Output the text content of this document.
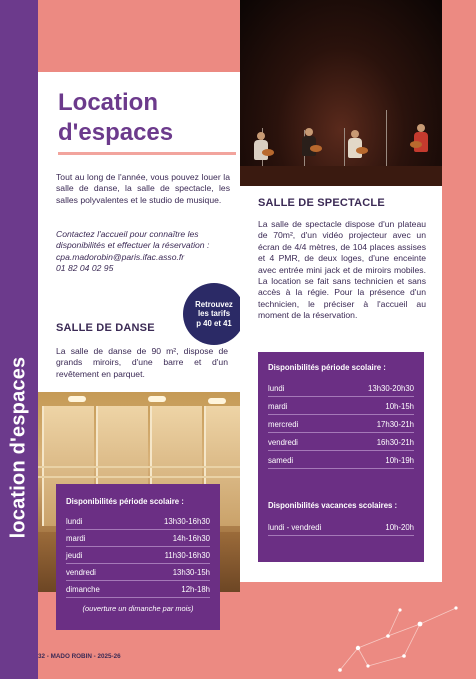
location d'espaces
Location
d'espaces
Tout au long de l'année, vous pouvez louer la salle de danse, la salle de spectacle, les salles polyvalentes et le studio de musique.
Contactez l'accueil pour connaître les disponibilités et effectuer la réservation :
cpa.madorobin@paris.ifac.asso.fr
01 82 04 02 95
Retrouvez
les tarifs
p 40 et 41
SALLE DE DANSE
La salle de danse de 90 m², dispose de grands miroirs, d'une barre et d'un revêtement en parquet.
Disponibilités période scolaire :
lundi	13h30-16h30
mardi	14h-16h30
jeudi	11h30-16h30
vendredi	13h30-15h
dimanche	12h-18h
(ouverture un dimanche par mois)
SALLE DE SPECTACLE
La salle de spectacle dispose d'un plateau de 70m², d'un vidéo projecteur avec un écran de 4/4 mètres, de 104 places assises et 4 PMR, de deux loges, d'une enceinte avec entrée mini jack et de miroirs mobiles. La location se fait sans technicien et sans accès à la régie. Pour la présence d'un technicien, le préciser à l'accueil au moment de la réservation.
Disponibilités période scolaire :
lundi	13h30-20h30
mardi	10h-15h
mercredi	17h30-21h
vendredi	16h30-21h
samedi	10h-19h
Disponibilités vacances scolaires :
lundi - vendredi	10h-20h
32 - MADO ROBIN - 2025-26
